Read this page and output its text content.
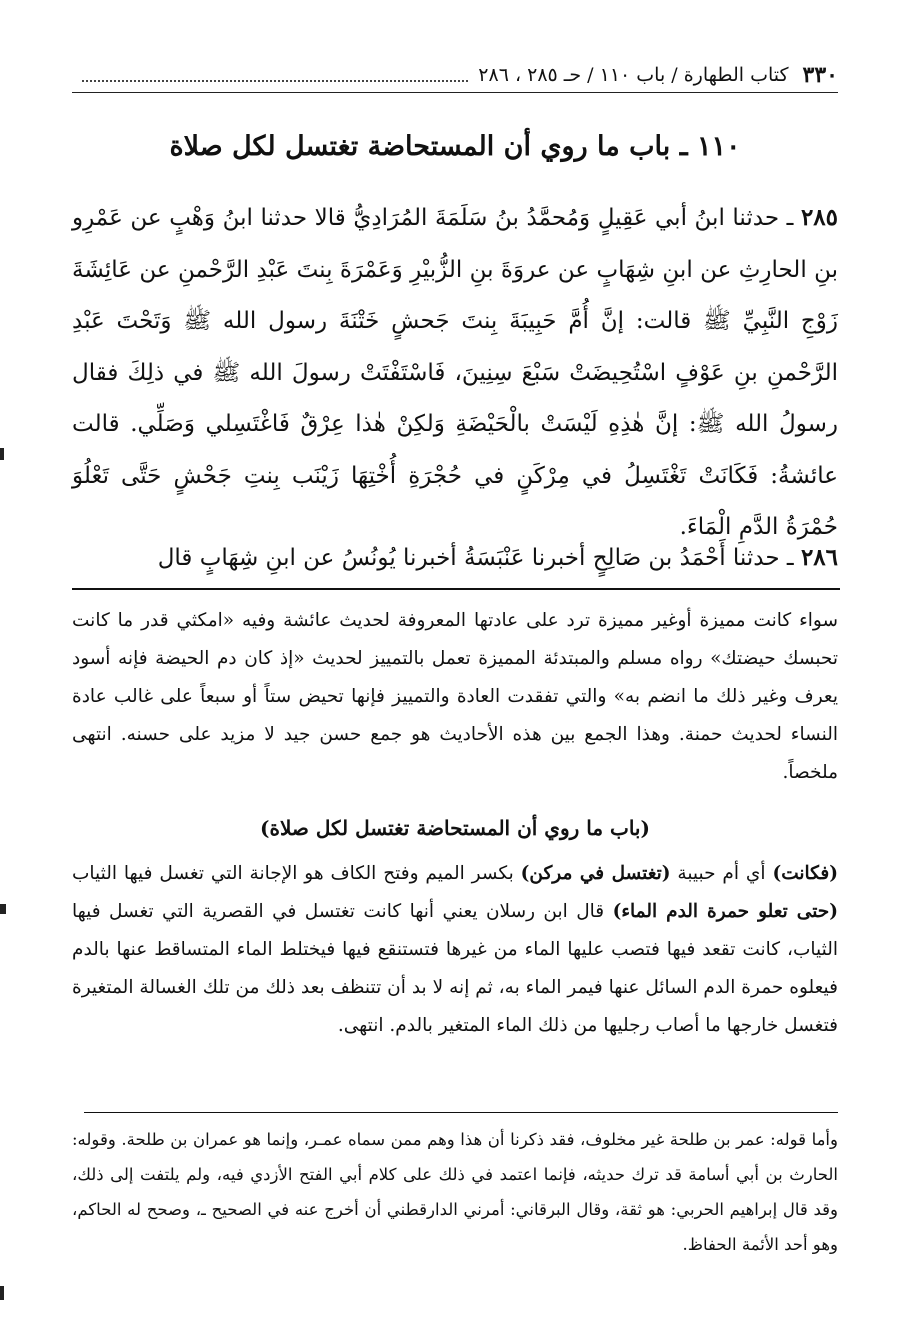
٣٣٠
كتاب الطهارة / باب ١١٠ / حـ ٢٨٥ ، ٢٨٦
١١٠ ـ باب ما روي أن المستحاضة تغتسل لكل صلاة

٢٨٥ ـ حدثنا ابنُ أبي عَقِيلٍ وَمُحمَّدُ بنُ سَلَمَةَ المُرَادِيُّ قالا حدثنا ابنُ وَهْبٍ عن عَمْرِو بنِ الحارِثِ عن ابنِ شِهَابٍ عن عروَةَ بنِ الزُّبيْرِ وَعَمْرَةَ بِنتَ عَبْدِ الرَّحْمنِ عن عَائِشَةَ زَوْجِ النَّبِيِّ ﷺ قالت: إنَّ أُمَّ حَبِيبَةَ بِنتَ جَحشٍ خَتْنَةَ رسول الله ﷺ وَتَحْتَ عَبْدِ الرَّحْمنِ بنِ عَوْفٍ اسْتُحِيضَتْ سَبْعَ سِنِينَ، فَاسْتَفْتَتْ رسولَ الله ﷺ في ذلِكَ فقال رسولُ الله ﷺ: إنَّ هٰذِهِ لَيْسَتْ بالْحَيْضَةِ وَلكِنْ هٰذا عِرْقٌ فَاغْتَسِلي وَصَلِّي. قالت عائشةُ: فَكَانَتْ تَغْتَسِلُ في مِرْكَنٍ في حُجْرَةِ أُخْتِهَا زَيْنَب بِنتِ جَحْشٍ حَتَّى تَعْلُوَ حُمْرَةُ الدَّمِ الْمَاءَ.

٢٨٦ ـ حدثنا أَحْمَدُ بن صَالِحٍ أخبرنا عَنْبَسَةُ أخبرنا يُونُسُ عن ابنِ شِهَابٍ قال

سواء كانت مميزة أوغير مميزة ترد على عادتها المعروفة لحديث عائشة وفيه «امكثي قدر ما كانت تحبسك حيضتك» رواه مسلم والمبتدئة المميزة تعمل بالتمييز لحديث «إذ كان دم الحيضة فإنه أسود يعرف وغير ذلك ما انضم به» والتي تفقدت العادة والتمييز فإنها تحيض ستاً أو سبعاً على غالب عادة النساء لحديث حمنة. وهذا الجمع بين هذه الأحاديث هو جمع حسن جيد لا مزيد على حسنه. انتهى ملخصاً.

(باب ما روي أن المستحاضة تغتسل لكل صلاة)

(فكانت) أي أم حبيبة (تغتسل في مركن) بكسر الميم وفتح الكاف هو الإجانة التي تغسل فيها الثياب (حتى تعلو حمرة الدم الماء) قال ابن رسلان يعني أنها كانت تغتسل في القصرية التي تغسل فيها الثياب، كانت تقعد فيها فتصب عليها الماء من غيرها فتستنقع فيها فيختلط الماء المتساقط عنها بالدم فيعلوه حمرة الدم السائل عنها فيمر الماء به، ثم إنه لا بد أن تتنظف بعد ذلك من تلك الغسالة المتغيرة فتغسل خارجها ما أصاب رجليها من ذلك الماء المتغير بالدم. انتهى.

وأما قوله: عمر بن طلحة غير مخلوف، فقد ذكرنا أن هذا وهم ممن سماه عمـر، وإنما هو عمران بن طلحة. وقوله: الحارث بن أبي أسامة قد ترك حديثه، فإنما اعتمد في ذلك على كلام أبي الفتح الأزدي فيه، ولم يلتفت إلى ذلك، وقد قال إبراهيم الحربي: هو ثقة، وقال البرقاني: أمرني الدارقطني أن أخرج عنه في الصحيح ـ، وصحح له الحاكم، وهو أحد الأئمة الحفاظ.
